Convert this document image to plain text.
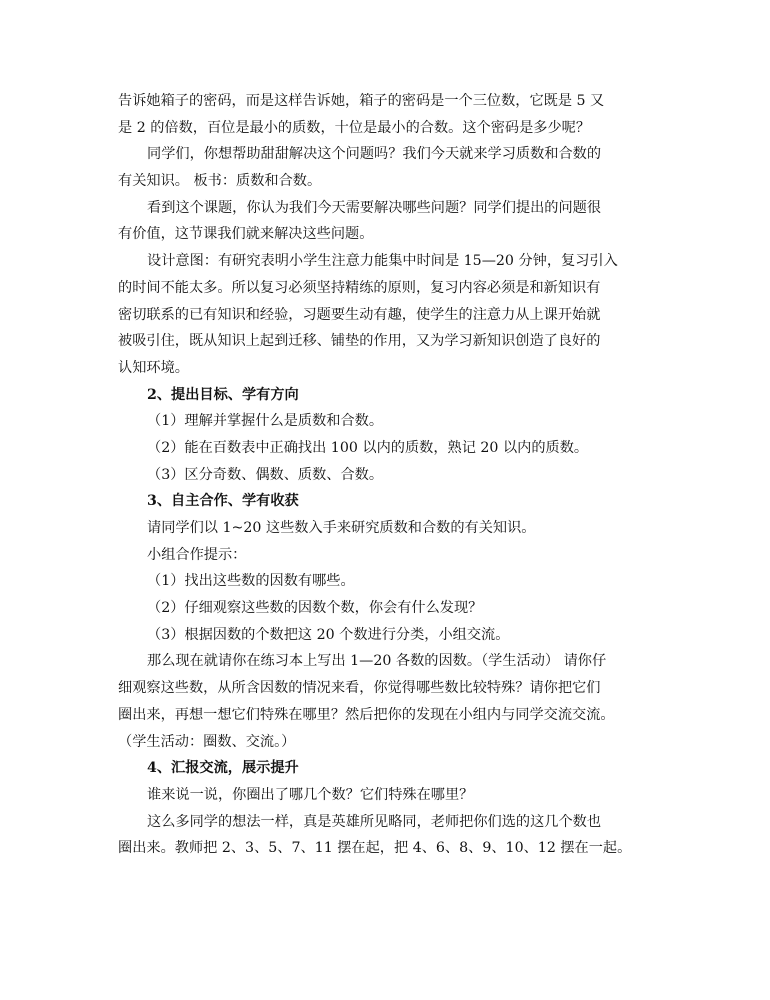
告诉她箱子的密码，而是这样告诉她，箱子的密码是一个三位数，它既是 5 又
是 2 的倍数，百位是最小的质数，十位是最小的合数。这个密码是多少呢？
同学们，你想帮助甜甜解决这个问题吗？我们今天就来学习质数和合数的
有关知识。 板书：质数和合数。
看到这个课题，你认为我们今天需要解决哪些问题？同学们提出的问题很
有价值，这节课我们就来解决这些问题。
设计意图：有研究表明小学生注意力能集中时间是 15—20 分钟，复习引入
的时间不能太多。所以复习必须坚持精练的原则，复习内容必须是和新知识有
密切联系的已有知识和经验，习题要生动有趣，使学生的注意力从上课开始就
被吸引住，既从知识上起到迁移、铺垫的作用，又为学习新知识创造了良好的
认知环境。
2、提出目标、学有方向
（1）理解并掌握什么是质数和合数。
（2）能在百数表中正确找出 100 以内的质数，熟记 20 以内的质数。
（3）区分奇数、偶数、质数、合数。
3、自主合作、学有收获
请同学们以 1~20 这些数入手来研究质数和合数的有关知识。
小组合作提示：
（1）找出这些数的因数有哪些。
（2）仔细观察这些数的因数个数，你会有什么发现？
（3）根据因数的个数把这 20 个数进行分类，小组交流。
那么现在就请你在练习本上写出 1—20 各数的因数。（学生活动） 请你仔
细观察这些数，从所含因数的情况来看，你觉得哪些数比较特殊？请你把它们
圈出来，再想一想它们特殊在哪里？然后把你的发现在小组内与同学交流交流。
（学生活动：圈数、交流。）
4、汇报交流，展示提升
谁来说一说，你圈出了哪几个数？它们特殊在哪里？
这么多同学的想法一样，真是英雄所见略同，老师把你们选的这几个数也
圈出来。教师把 2、3、5、7、11 摆在起，把 4、6、8、9、10、12 摆在一起。
